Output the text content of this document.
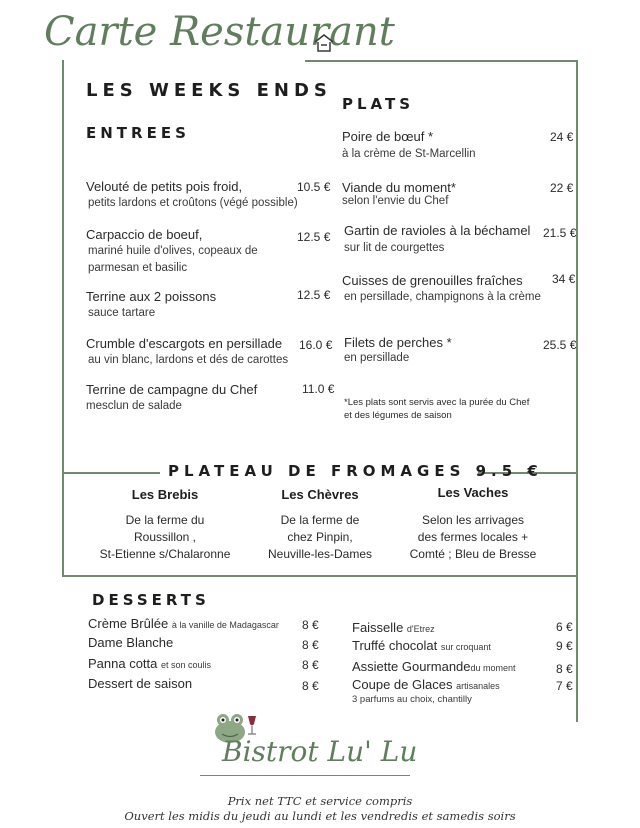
Carte Restaurant
LES WEEKS ENDS
ENTREES
Velouté de petits pois froid,	10.5 €
petits lardons et croûtons (végé possible)
Carpaccio de boeuf,	12.5 €
mariné huile d'olives, copeaux de
parmesan et basilic
Terrine aux 2 poissons	12.5 €
sauce tartare
Crumble d'escargots en persillade 16.0 €
au vin blanc, lardons et dés de carottes
Terrine de campagne du Chef	11.0 €
mesclun de salade
PLATS
Poire de bœuf *	24 €
à la crème de St-Marcellin
Viande du moment*	22 €
selon l'envie du Chef
Gartin de ravioles à la béchamel 21.5 €
sur lit de courgettes
Cuisses de grenouilles fraîches 34 €
en persillade, champignons à la crème
Filets de perches *	25.5 €
en persillade
*Les plats sont servis avec la purée du Chef
et des légumes de saison
PLATEAU DE FROMAGES 9.5 €
Les Brebis
De la ferme du
Roussillon ,
St-Etienne s/Chalaronne
Les Chèvres
De la ferme de
chez Pinpin,
Neuville-les-Dames
Les Vaches
Selon les arrivages
des fermes locales +
Comté ; Bleu de Bresse
DESSERTS
Crème Brûlée à la vanille de Madagascar 8 €
Dame Blanche	8 €
Panna cotta et son coulis	8 €
Dessert de saison	8 €
Faisselle d'Etrez	6 €
Truffé chocolat sur croquant	9 €
Assiette Gourmandedu moment	8 €
Coupe de Glaces artisanales	7 €
3 parfums au choix, chantilly
Bistrot Lu' Lu
Prix net TTC et service compris
Ouvert les midis du jeudi au lundi et les vendredis et samedis soirs
